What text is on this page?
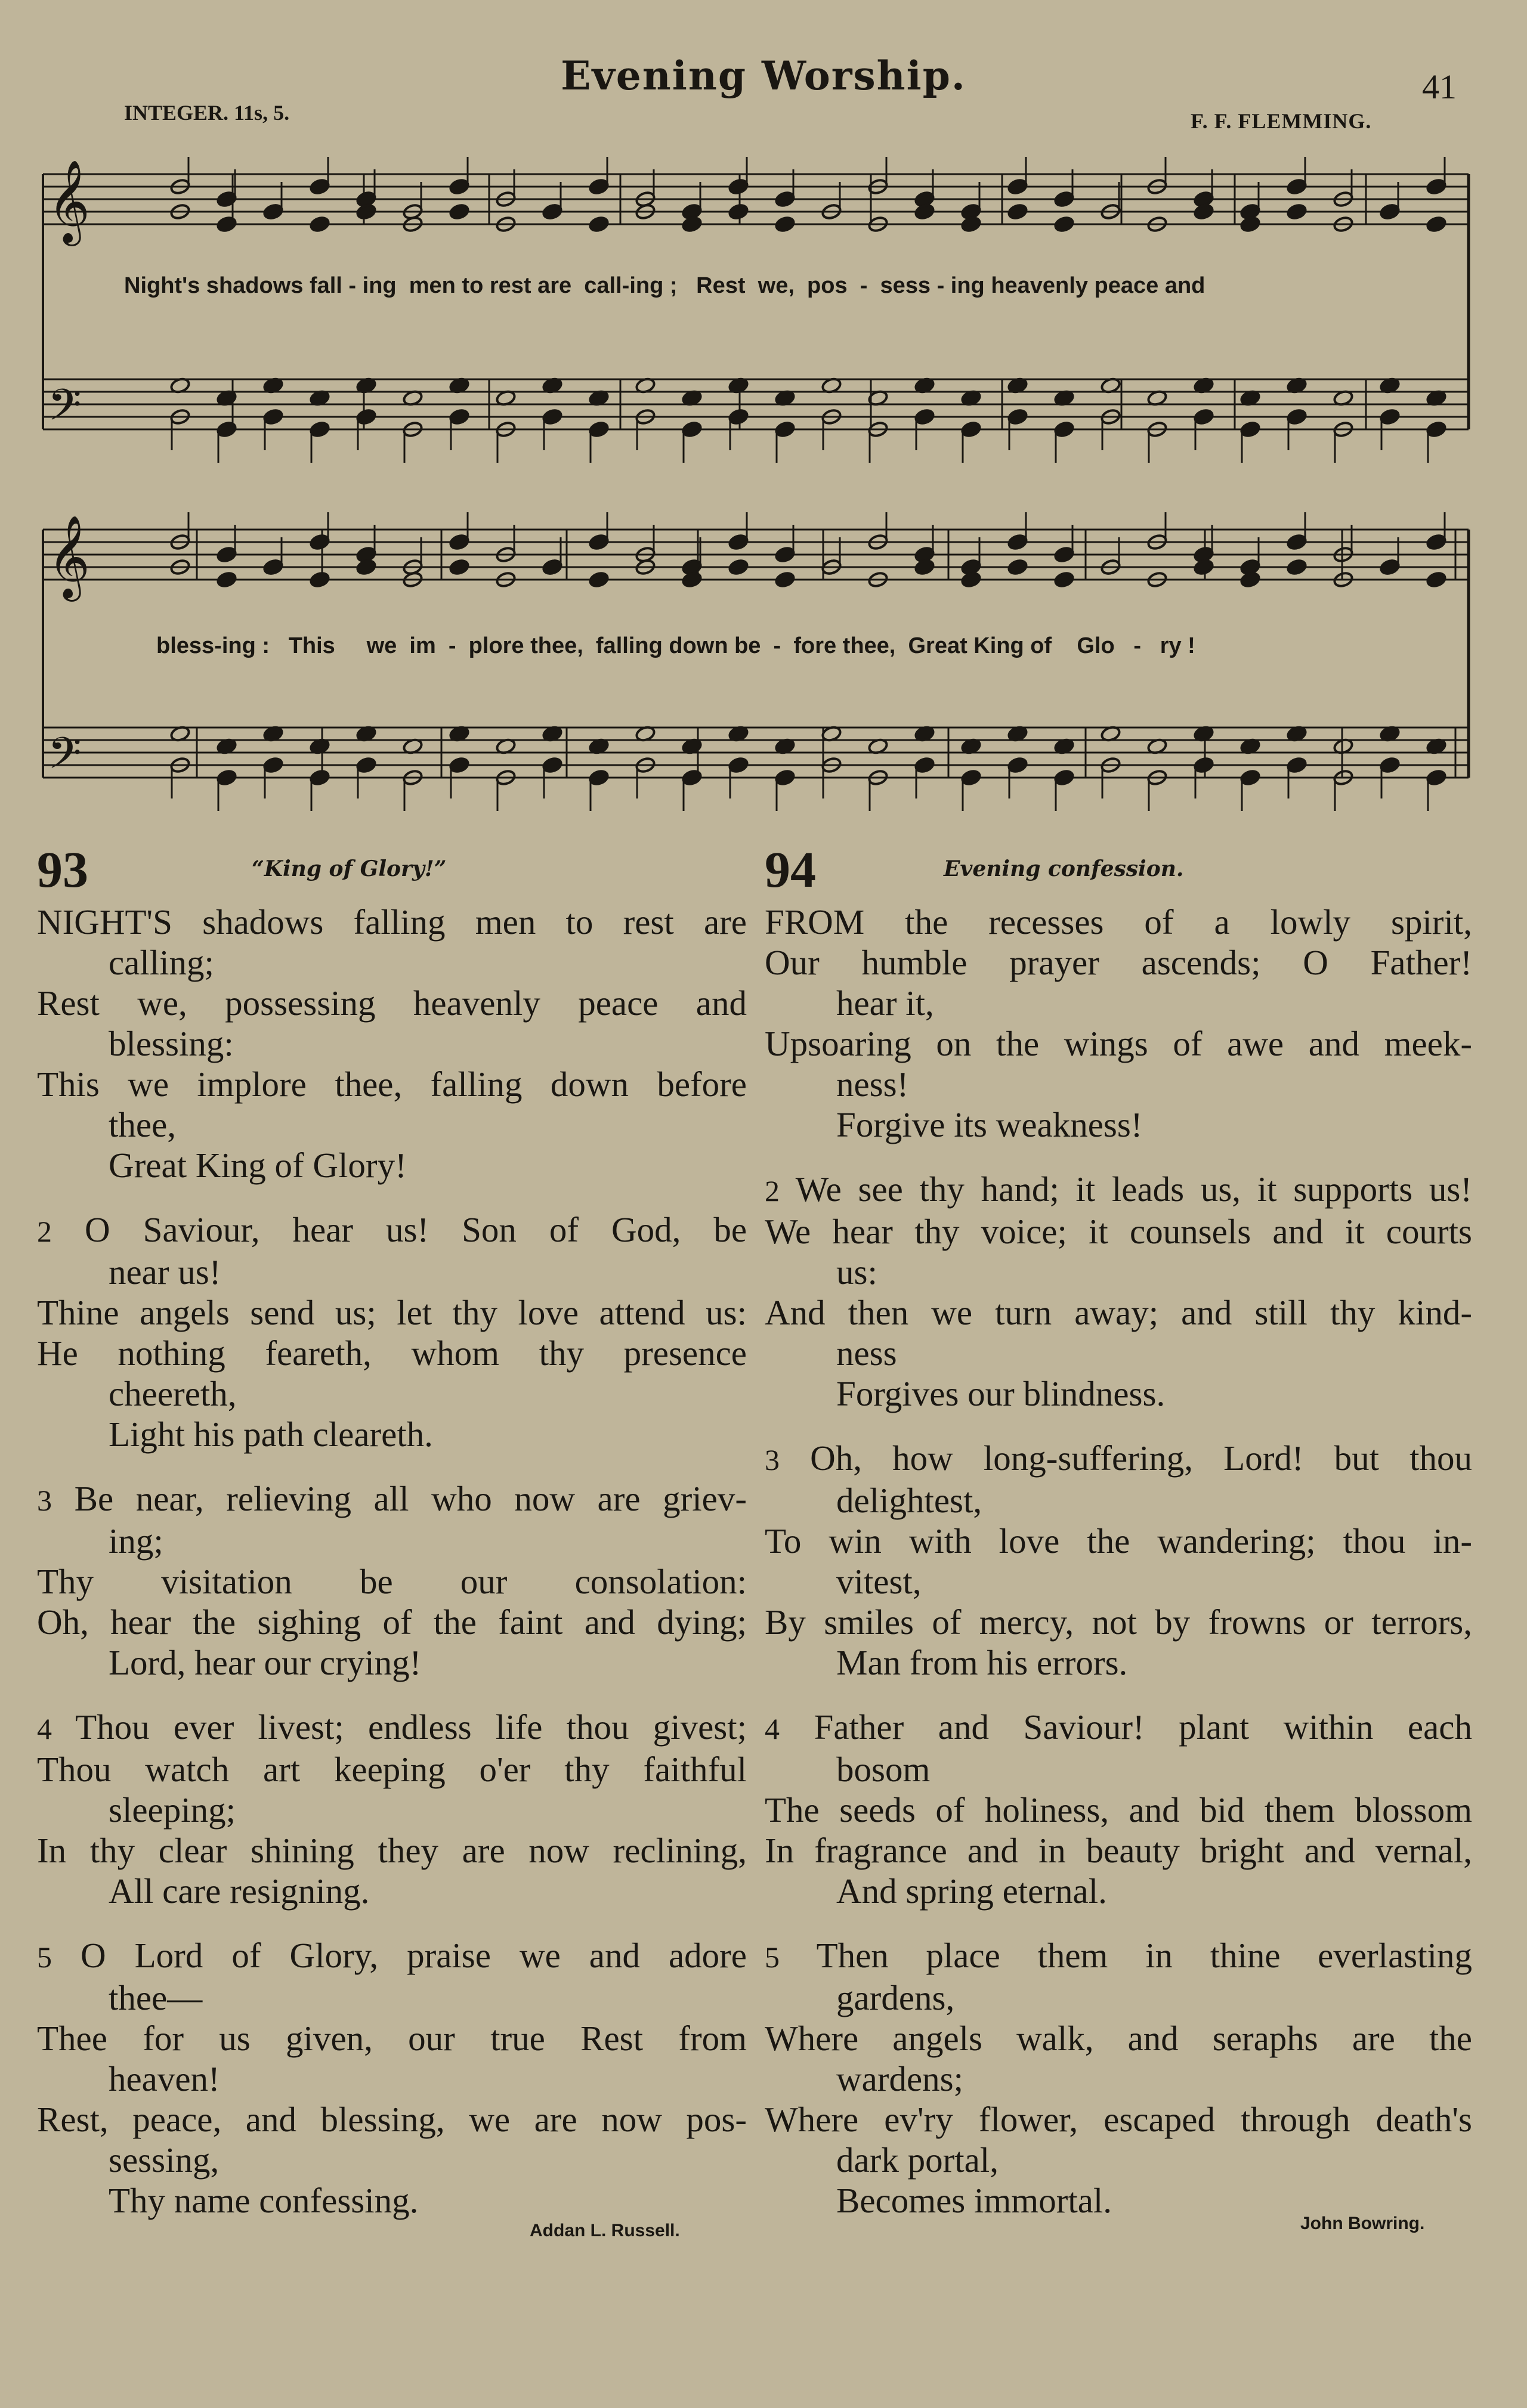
Evening Worship.	41
INTEGER. 11s, 5.	F. F. FLEMMING.
𝄞
𝄢
𝄞
𝄢
Night's shadows fall - ing  men to rest are  call-ing ;   Rest  we,  pos  -  sess - ing heavenly peace and
bless-ing :   This     we  im  -  plore thee,  falling down be  -  fore thee,  Great King of    Glo   -   ry !
93	“King of Glory!”
NIGHT'S shadows falling men to rest are
calling;
Rest we, possessing heavenly peace and
blessing:
This we implore thee, falling down before
thee,
Great King of Glory!
2 O Saviour, hear us! Son of God, be
near us!
Thine angels send us; let thy love attend us:
He nothing feareth, whom thy presence
cheereth,
Light his path cleareth.
3 Be near, relieving all who now are griev-
ing;
Thy visitation be our consolation:
Oh, hear the sighing of the faint and dying;
Lord, hear our crying!
4 Thou ever livest; endless life thou givest;
Thou watch art keeping o'er thy faithful
sleeping;
In thy clear shining they are now reclining,
All care resigning.
5 O Lord of Glory, praise we and adore
thee—
Thee for us given, our true Rest from
heaven!
Rest, peace, and blessing, we are now pos-
sessing,
Thy name confessing.
Addan L. Russell.
94	Evening confession.
FROM the recesses of a lowly spirit,
Our humble prayer ascends; O Father!
hear it,
Upsoaring on the wings of awe and meek-
ness!
Forgive its weakness!
2 We see thy hand; it leads us, it supports us!
We hear thy voice; it counsels and it courts
us:
And then we turn away; and still thy kind-
ness
Forgives our blindness.
3 Oh, how long-suffering, Lord! but thou
delightest,
To win with love the wandering; thou in-
vitest,
By smiles of mercy, not by frowns or terrors,
Man from his errors.
4 Father and Saviour! plant within each
bosom
The seeds of holiness, and bid them blossom
In fragrance and in beauty bright and vernal,
And spring eternal.
5 Then place them in thine everlasting
gardens,
Where angels walk, and seraphs are the
wardens;
Where ev'ry flower, escaped through death's
dark portal,
Becomes immortal.
John Bowring.
